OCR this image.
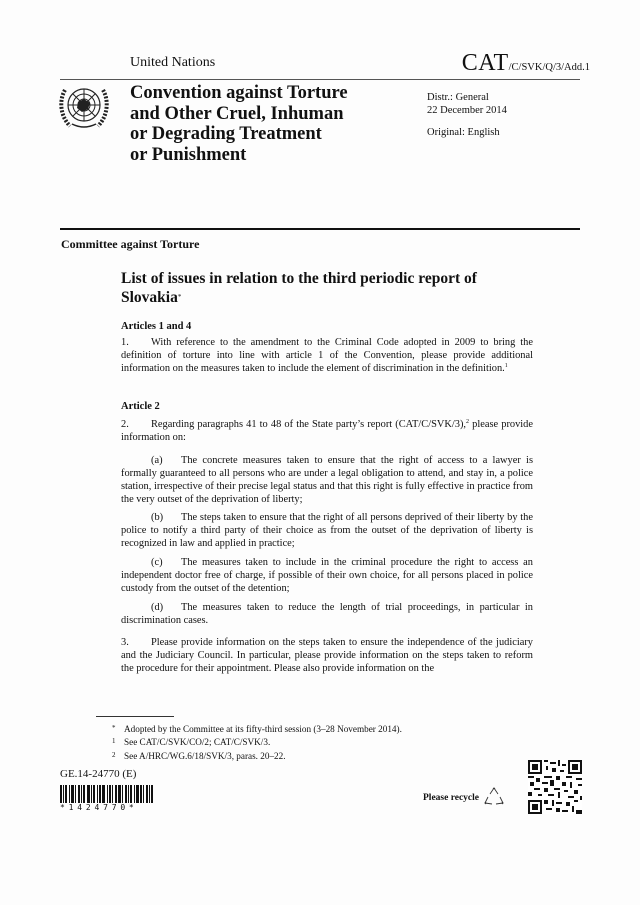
United Nations	CAT/C/SVK/Q/3/Add.1
Convention against Torture
and Other Cruel, Inhuman
or Degrading Treatment
or Punishment
Distr.: General
22 December 2014
Original: English
Committee against Torture
List of issues in relation to the third periodic report of
Slovakia*
Articles 1 and 4
1. With reference to the amendment to the Criminal Code adopted in 2009 to bring the definition of torture into line with article 1 of the Convention, please provide additional information on the measures taken to include the element of discrimination in the definition.$^1$
Article 2
2. Regarding paragraphs 41 to 48 of the State party’s report (CAT/C/SVK/3),$^2$ please provide information on:
(a) The concrete measures taken to ensure that the right of access to a lawyer is formally guaranteed to all persons who are under a legal obligation to attend, and stay in, a police station, irrespective of their precise legal status and that this right is fully effective in practice from the very outset of the deprivation of liberty;
(b) The steps taken to ensure that the right of all persons deprived of their liberty by the police to notify a third party of their choice as from the outset of the deprivation of liberty is recognized in law and applied in practice;
(c) The measures taken to include in the criminal procedure the right to access an independent doctor free of charge, if possible of their own choice, for all persons placed in police custody from the outset of the detention;
(d) The measures taken to reduce the length of trial proceedings, in particular in discrimination cases.
3. Please provide information on the steps taken to ensure the independence of the judiciary and the Judiciary Council. In particular, please provide information on the steps taken to reform the procedure for their appointment. Please also provide information on the
* Adopted by the Committee at its fifty-third session (3–28 November 2014).
1 See CAT/C/SVK/CO/2; CAT/C/SVK/3.
2 See A/HRC/WG.6/18/SVK/3, paras. 20–22.
GE.14-24770 (E)
*1424770*
Please recycle
